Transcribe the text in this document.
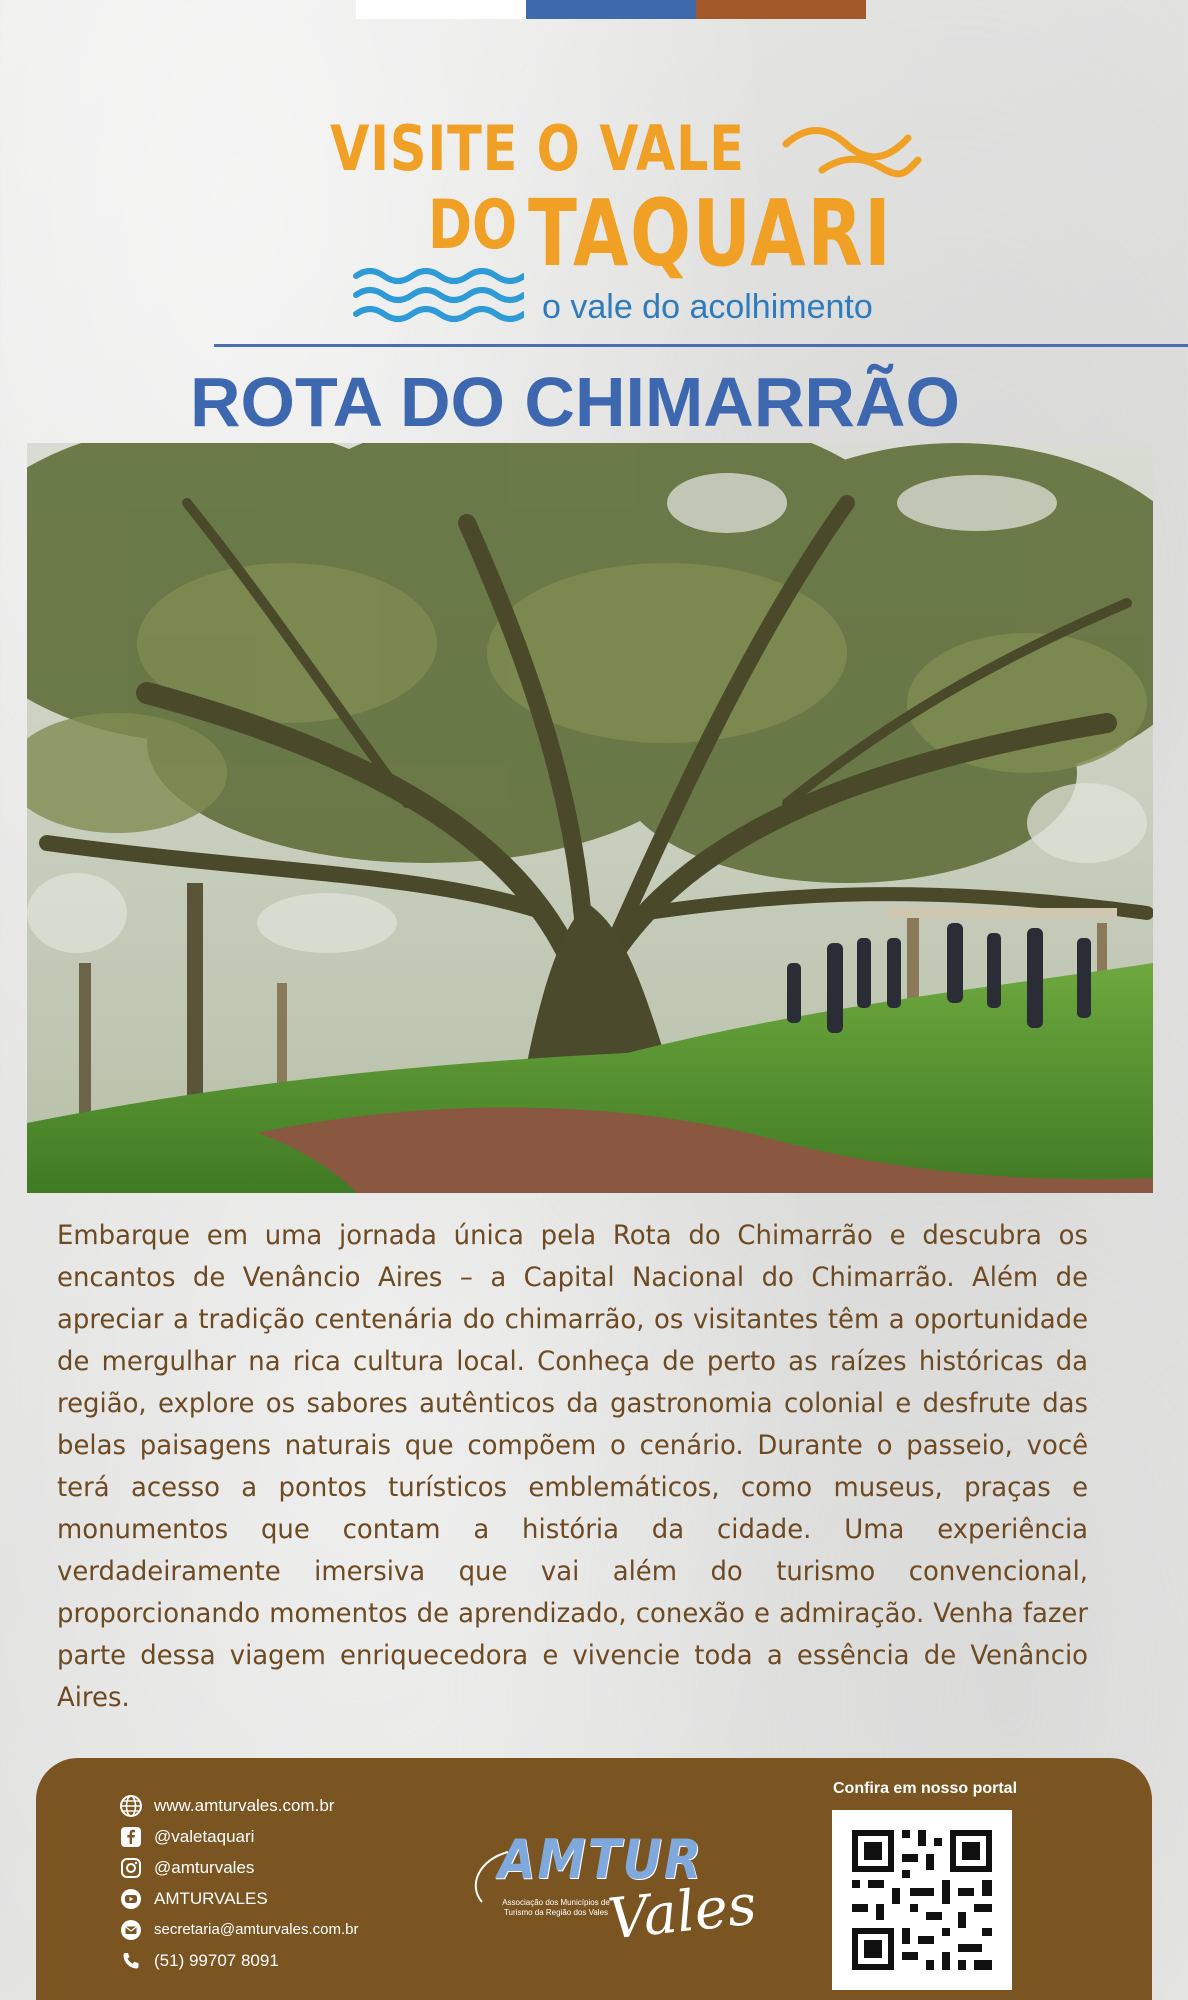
VISITE O VALE
DO TAQUARI
o vale do acolhimento
ROTA DO CHIMARRÃO
Embarque em uma jornada única pela Rota do Chimarrão e descubra os encantos de Venâncio Aires – a Capital Nacional do Chimarrão. Além de apreciar a tradição centenária do chimarrão, os visitantes têm a oportunidade de mergulhar na rica cultura local. Conheça de perto as raízes históricas da região, explore os sabores autênticos da gastronomia colonial e desfrute das belas paisagens naturais que compõem o cenário. Durante o passeio, você terá acesso a pontos turísticos emblemáticos, como museus, praças e monumentos que contam a história da cidade. Uma experiência verdadeiramente imersiva que vai além do turismo convencional, proporcionando momentos de aprendizado, conexão e admiração. Venha fazer parte dessa viagem enriquecedora e vivencie toda a essência de Venâncio Aires.
www.amturvales.com.br
@valetaquari
@amturvales
AMTURVALES
secretaria@amturvales.com.br
(51) 99707 8091
AMTUR
Associação dos Municípios de Turismo da Região dos Vales
Vales
Confira em nosso portal
